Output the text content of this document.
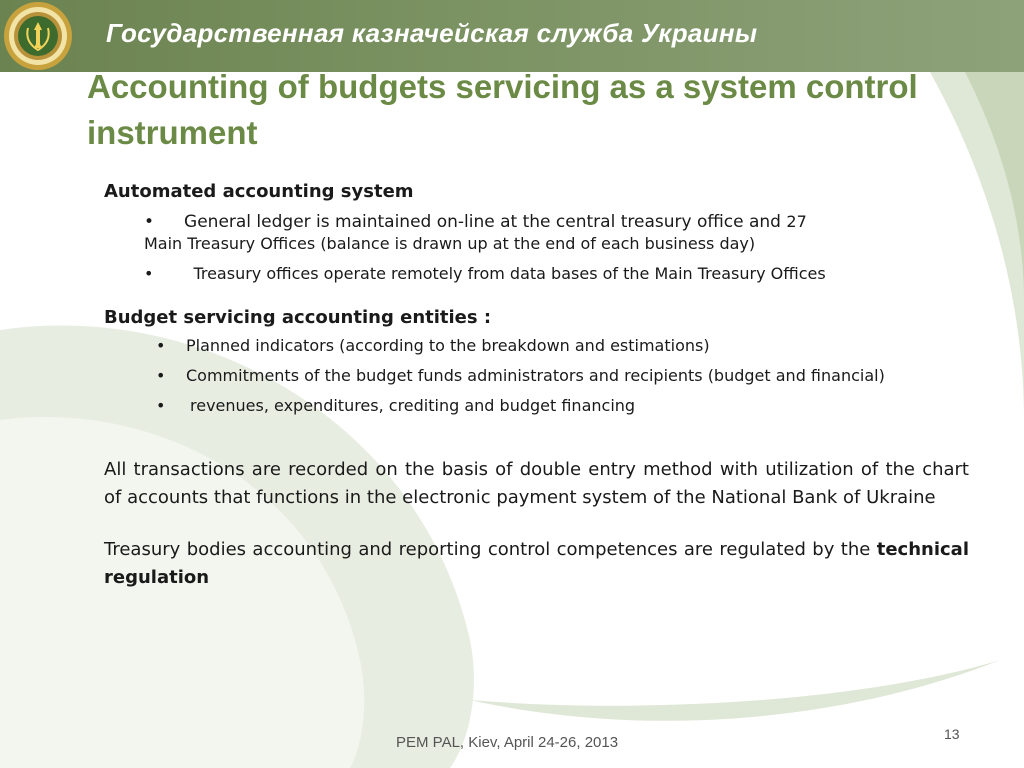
Государственная казначейская служба Украины
Accounting of budgets servicing as a system control
instrument

Automated accounting system

• General ledger is maintained on-line at the central treasury office and 27

Main Treasury Offices (balance is drawn up at the end of each business day)

•	Treasury offices operate remotely from data bases of the Main Treasury Offices

Budget servicing accounting entities :

• Planned indicators (according to the breakdown and estimations)
• Commitments of the budget funds administrators and recipients (budget and financial)
• revenues, expenditures, crediting and budget financing

All transactions are recorded on the basis of double entry method with utilization of the chart of accounts that functions in the electronic payment system of the National Bank of Ukraine

Treasury bodies accounting and reporting control competences are regulated by the technical regulation

PEM PAL, Kiev, April 24-26, 2013	13
